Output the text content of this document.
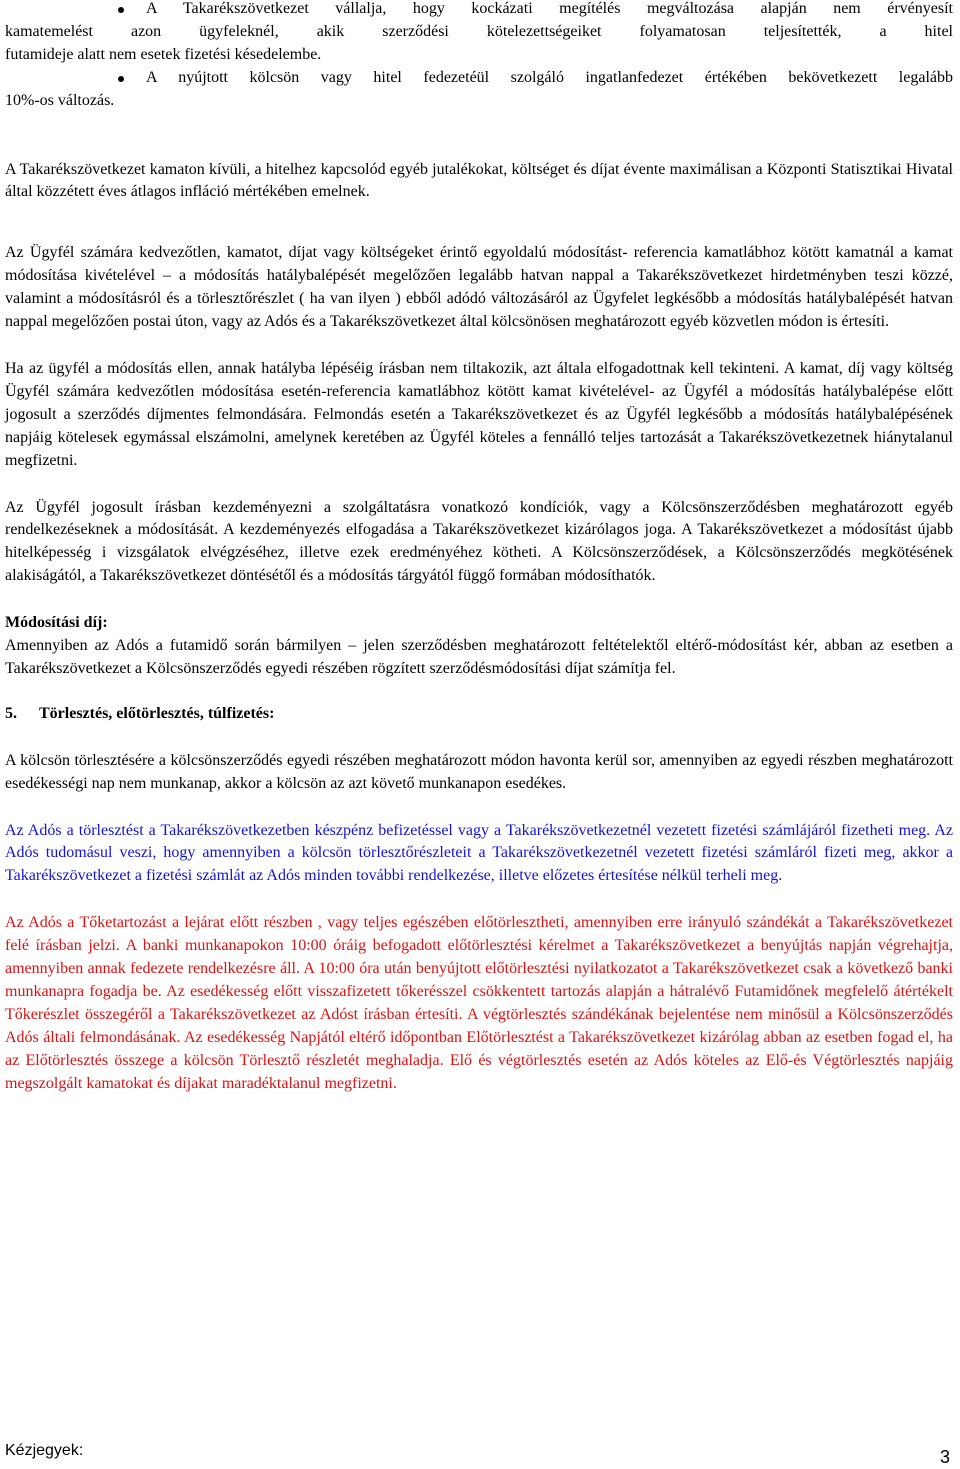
A Takarékszövetkezet vállalja, hogy kockázati megítélés megváltozása alapján nem érvényesít
kamatemelést azon ügyfeleknél, akik szerződési kötelezettségeiket folyamatosan teljesítették, a hitel
futamideje alatt nem esetek fizetési késedelembe.
A nyújtott kölcsön vagy hitel fedezetéül szolgáló ingatlanfedezet értékében bekövetkezett legalább
10%-os változás.

A Takarékszövetkezet kamaton kívüli, a hitelhez kapcsolód egyéb jutalékokat, költséget és díjat évente maximálisan a Központi Statisztikai Hivatal által közzétett éves átlagos infláció mértékében emelnek.

Az Ügyfél számára kedvezőtlen, kamatot, díjat vagy költségeket érintő egyoldalú módosítást- referencia kamatlábhoz kötött kamatnál a kamat módosítása kivételével – a módosítás hatálybalépését megelőzően legalább hatvan nappal a Takarékszövetkezet hirdetményben teszi közzé, valamint a módosításról és a törlesztőrészlet ( ha van ilyen ) ebből adódó változásáról az Ügyfelet legkésőbb a módosítás hatálybalépését hatvan nappal megelőzően postai úton, vagy az Adós és a Takarékszövetkezet által kölcsönösen meghatározott egyéb közvetlen módon is értesíti.

Ha az ügyfél a módosítás ellen, annak hatályba lépéséig írásban nem tiltakozik, azt általa elfogadottnak kell tekinteni. A kamat, díj vagy költség Ügyfél számára kedvezőtlen módosítása esetén-referencia kamatlábhoz kötött kamat kivételével- az Ügyfél a módosítás hatálybalépése előtt jogosult a szerződés díjmentes felmondására. Felmondás esetén a Takarékszövetkezet és az Ügyfél legkésőbb a módosítás hatálybalépésének napjáig kötelesek egymással elszámolni, amelynek keretében az Ügyfél köteles a fennálló teljes tartozását a Takarékszövetkezetnek hiánytalanul megfizetni.

Az Ügyfél jogosult írásban kezdeményezni a szolgáltatásra vonatkozó kondíciók, vagy a Kölcsönszerződésben meghatározott egyéb rendelkezéseknek a módosítását. A kezdeményezés elfogadása a Takarékszövetkezet kizárólagos joga. A Takarékszövetkezet a módosítást újabb hitelképesség i vizsgálatok elvégzéséhez, illetve ezek eredményéhez kötheti. A Kölcsönszerződések, a Kölcsönszerződés megkötésének alakiságától, a Takarékszövetkezet döntésétől és a módosítás tárgyától függő formában módosíthatók.

Módosítási díj:

Amennyiben az Adós a futamidő során bármilyen – jelen szerződésben meghatározott feltételektől eltérő-módosítást kér, abban az esetben a Takarékszövetkezet a Kölcsönszerződés egyedi részében rögzített szerződésmódosítási díjat számítja fel.

5. Törlesztés, előtörlesztés, túlfizetés:

A kölcsön törlesztésére a kölcsönszerződés egyedi részében meghatározott módon havonta kerül sor, amennyiben az egyedi részben meghatározott esedékességi nap nem munkanap, akkor a kölcsön az azt követő munkanapon esedékes.

Az Adós a törlesztést a Takarékszövetkezetben készpénz befizetéssel vagy a Takarékszövetkezetnél vezetett fizetési számlájáról fizetheti meg. Az Adós tudomásul veszi, hogy amennyiben a kölcsön törlesztőrészleteit a Takarékszövetkezetnél vezetett fizetési számláról fizeti meg, akkor a Takarékszövetkezet a fizetési számlát az Adós minden további rendelkezése, illetve előzetes értesítése nélkül terheli meg.

Az Adós a Tőketartozást a lejárat előtt részben , vagy teljes egészében előtörlesztheti, amennyiben erre irányuló szándékát a Takarékszövetkezet felé írásban jelzi. A banki munkanapokon 10:00 óráig befogadott előtörlesztési kérelmet a Takarékszövetkezet a benyújtás napján végrehajtja, amennyiben annak fedezete rendelkezésre áll. A 10:00 óra után benyújtott előtörlesztési nyilatkozatot a Takarékszövetkezet csak a következő banki munkanapra fogadja be. Az esedékesség előtt visszafizetett tőkerésszel csökkentett tartozás alapján a hátralévő Futamidőnek megfelelő átértékelt Tőkerészlet összegéről a Takarékszövetkezet az Adóst írásban értesíti. A végtörlesztés szándékának bejelentése nem minősül a Kölcsönszerződés Adós általi felmondásának. Az esedékesség Napjától eltérő időpontban Előtörlesztést a Takarékszövetkezet kizárólag abban az esetben fogad el, ha az Előtörlesztés összege a kölcsön Törlesztő részletét meghaladja. Elő és végtörlesztés esetén az Adós köteles az Elő-és Végtörlesztés napjáig megszolgált kamatokat és díjakat maradéktalanul megfizetni.

Kézjegyek:	3
